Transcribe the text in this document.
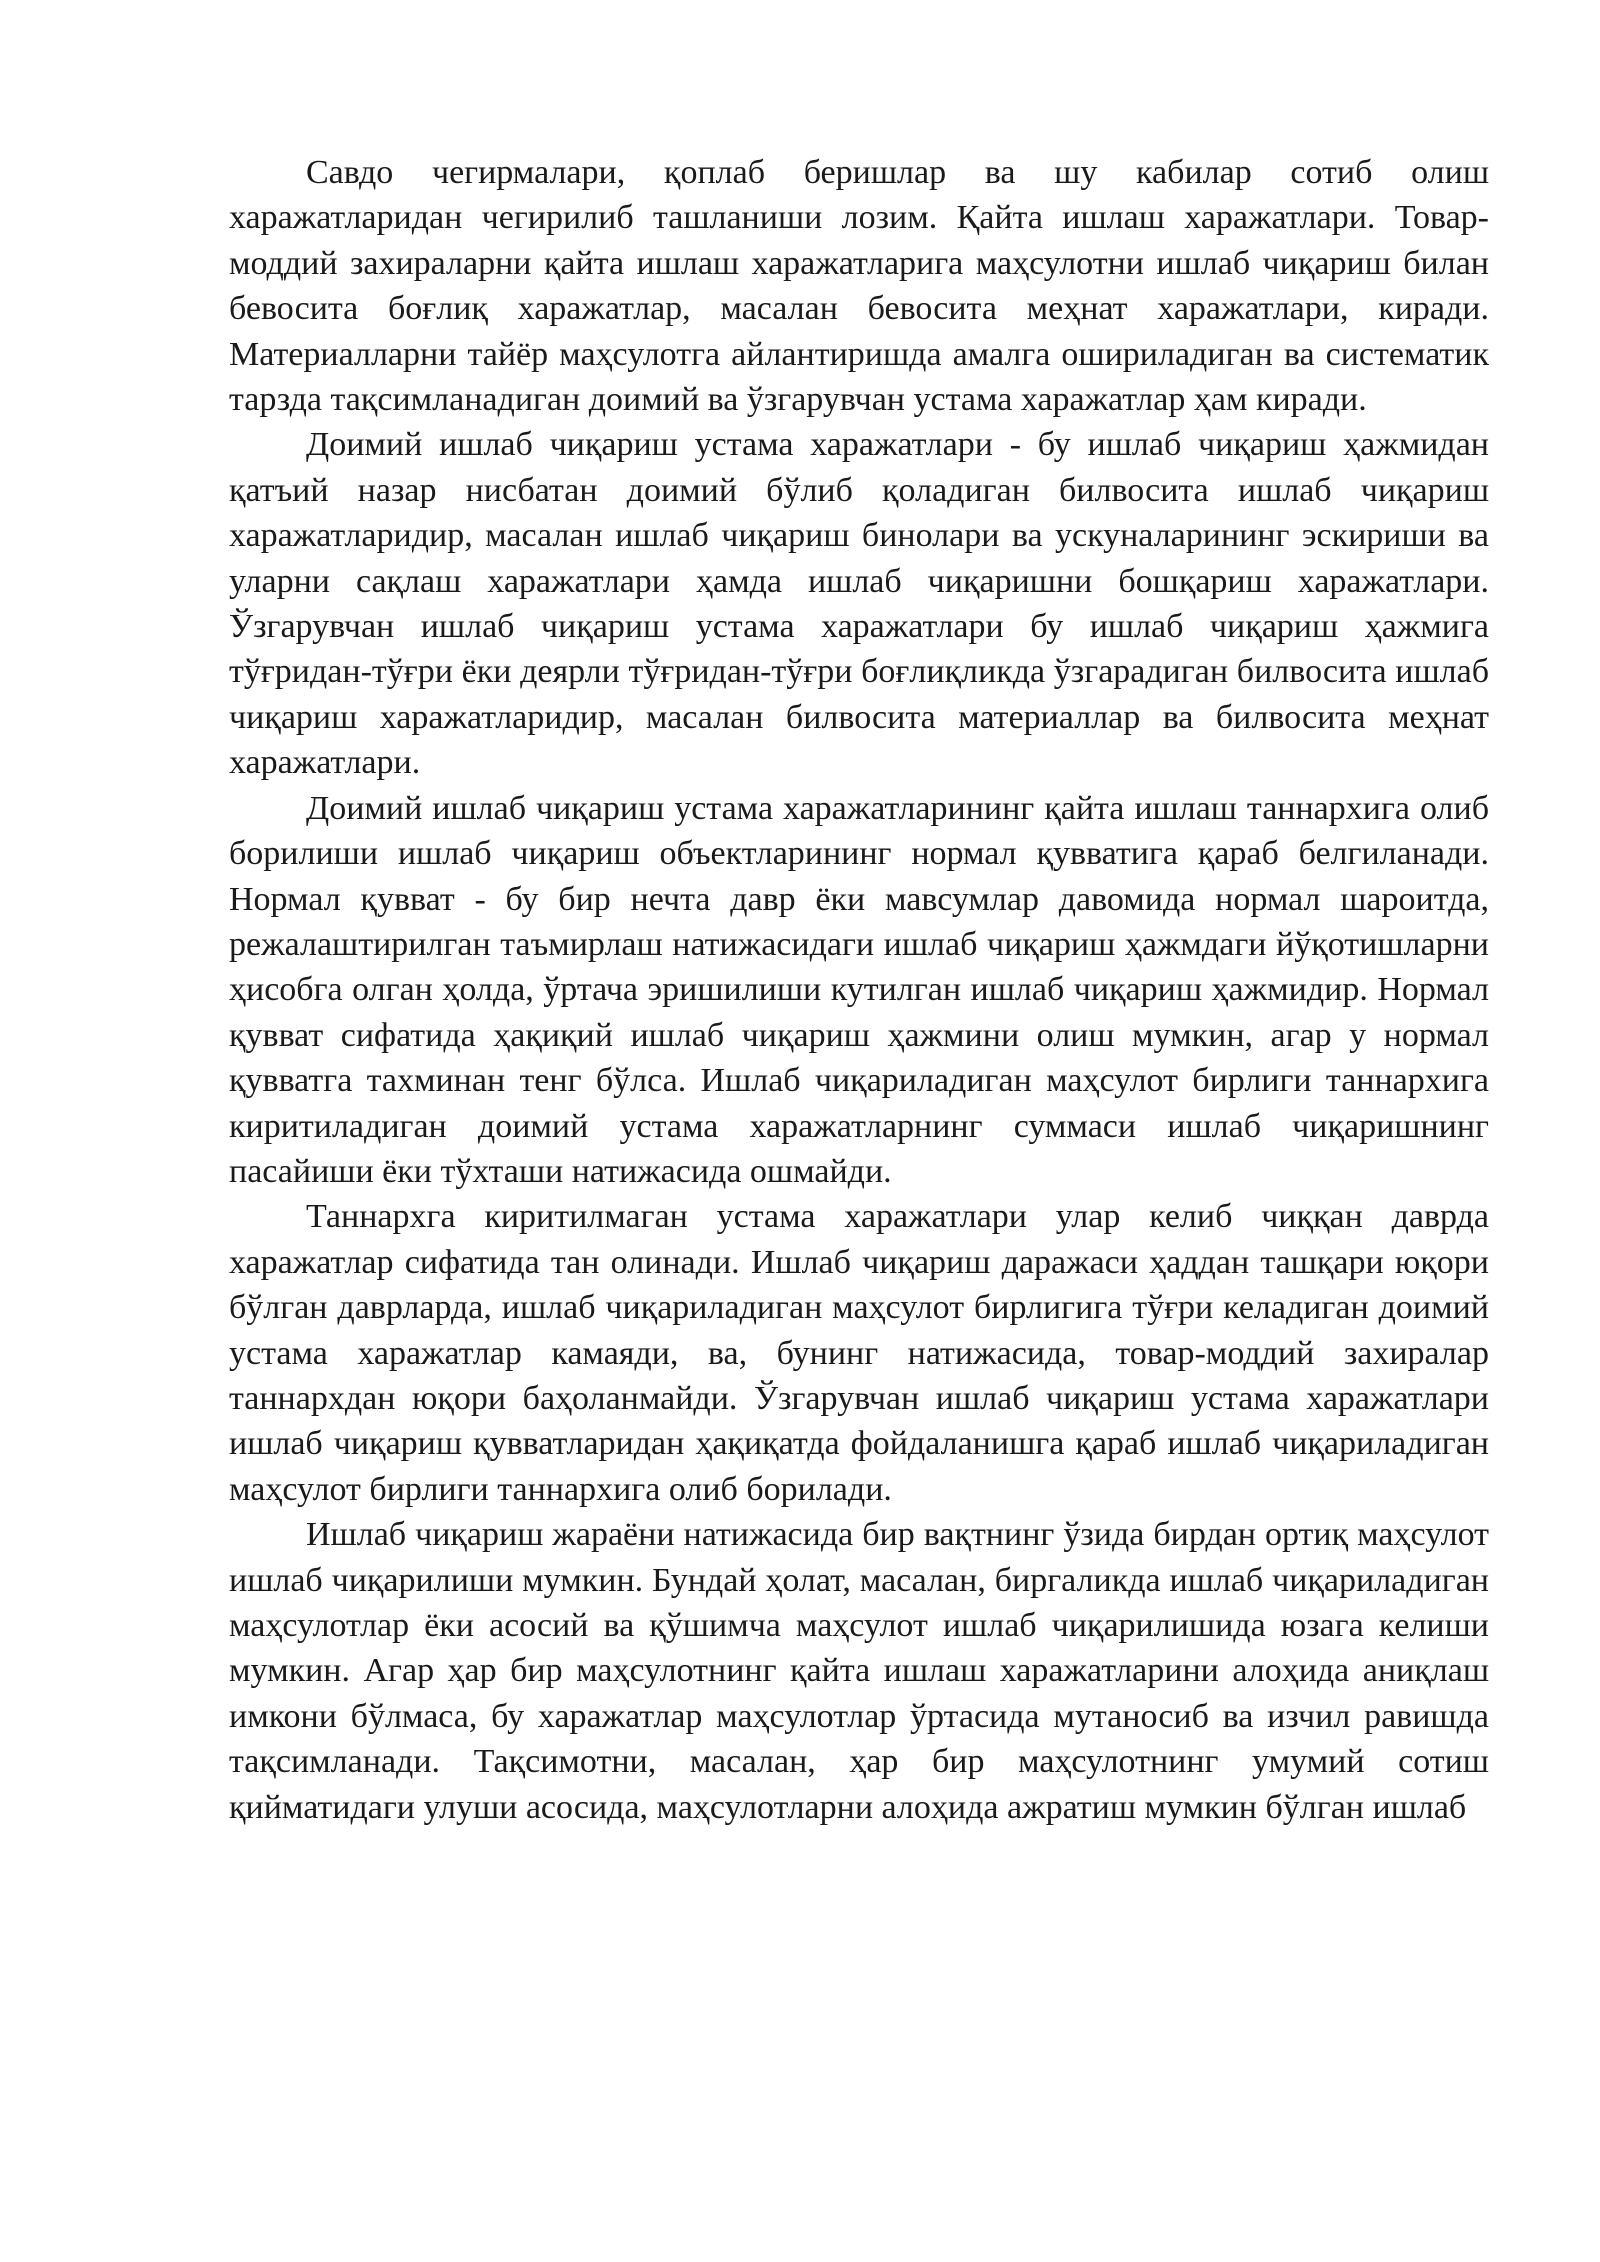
Савдо чегирмалари, қоплаб беришлар ва шу кабилар сотиб олиш харажатларидан чегирилиб ташланиши лозим. Қайта ишлаш харажатлари. Товар-моддий захираларни қайта ишлаш харажатларига маҳсулотни ишлаб чиқариш билан бевосита боғлиқ харажатлар, масалан бевосита меҳнат харажатлари, киради. Материалларни тайёр маҳсулотга айлантиришда амалга ошириладиган ва систематик тарзда тақсимланадиган доимий ва ўзгарувчан устама харажатлар ҳам киради.

Доимий ишлаб чиқариш устама харажатлари - бу ишлаб чиқариш ҳажмидан қатъий назар нисбатан доимий бўлиб қоладиган билвосита ишлаб чиқариш харажатларидир, масалан ишлаб чиқариш бинолари ва ускуналарининг эскириши ва уларни сақлаш харажатлари ҳамда ишлаб чиқаришни бошқариш харажатлари. Ўзгарувчан ишлаб чиқариш устама харажатлари бу ишлаб чиқариш ҳажмига тўғридан-тўғри ёки деярли тўғридан-тўғри боғлиқликда ўзгарадиган билвосита ишлаб чиқариш харажатларидир, масалан билвосита материаллар ва билвосита меҳнат харажатлари.

Доимий ишлаб чиқариш устама харажатларининг қайта ишлаш таннархига олиб борилиши ишлаб чиқариш объектларининг нормал қувватига қараб белгиланади. Нормал қувват - бу бир нечта давр ёки мавсумлар давомида нормал шароитда, режалаштирилган таъмирлаш натижасидаги ишлаб чиқариш ҳажмдаги йўқотишларни ҳисобга олган ҳолда, ўртача эришилиши кутилган ишлаб чиқариш ҳажмидир. Нормал қувват сифатида ҳақиқий ишлаб чиқариш ҳажмини олиш мумкин, агар у нормал қувватга тахминан тенг бўлса. Ишлаб чиқариладиган маҳсулот бирлиги таннархига киритиладиган доимий устама харажатларнинг суммаси ишлаб чиқаришнинг пасайиши ёки тўхташи натижасида ошмайди.

Таннархга киритилмаган устама харажатлари улар келиб чиққан даврда харажатлар сифатида тан олинади. Ишлаб чиқариш даражаси ҳаддан ташқари юқори бўлган даврларда, ишлаб чиқариладиган маҳсулот бирлигига тўғри келадиган доимий устама харажатлар камаяди, ва, бунинг натижасида, товар-моддий захиралар таннархдан юқори баҳоланмайди. Ўзгарувчан ишлаб чиқариш устама харажатлари ишлаб чиқариш қувватларидан ҳақиқатда фойдаланишга қараб ишлаб чиқариладиган маҳсулот бирлиги таннархига олиб борилади.

Ишлаб чиқариш жараёни натижасида бир вақтнинг ўзида бирдан ортиқ маҳсулот ишлаб чиқарилиши мумкин. Бундай ҳолат, масалан, биргаликда ишлаб чиқариладиган маҳсулотлар ёки асосий ва қўшимча маҳсулот ишлаб чиқарилишида юзага келиши мумкин. Агар ҳар бир маҳсулотнинг қайта ишлаш харажатларини алоҳида аниқлаш имкони бўлмаса, бу харажатлар маҳсулотлар ўртасида мутаносиб ва изчил равишда тақсимланади. Тақсимотни, масалан, ҳар бир маҳсулотнинг умумий сотиш қийматидаги улуши асосида, маҳсулотларни алоҳида ажратиш мумкин бўлган ишлаб
